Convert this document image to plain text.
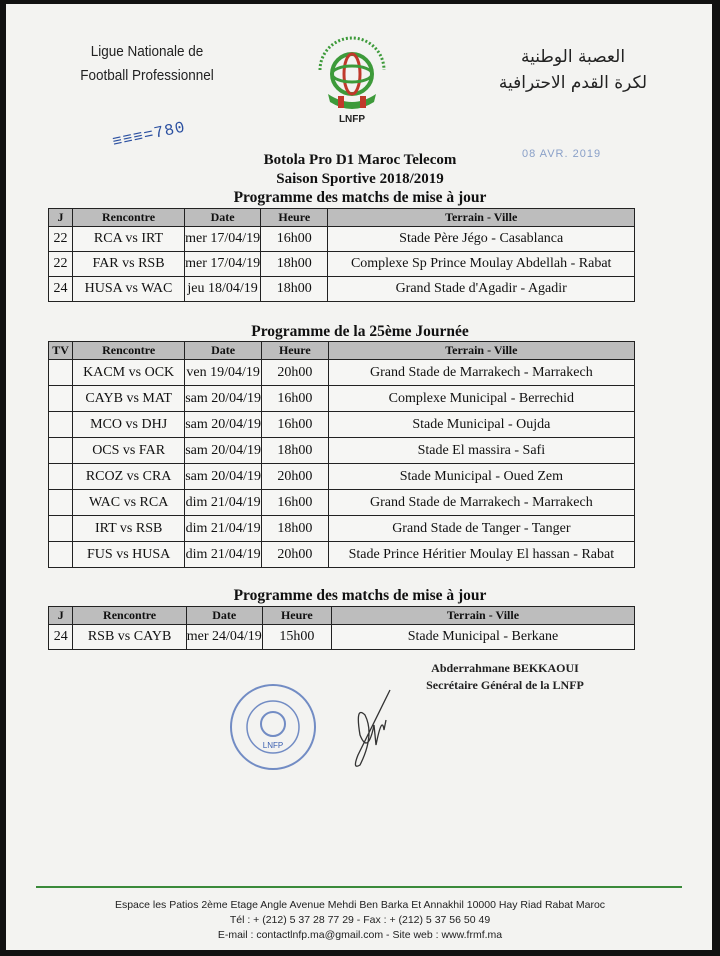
Ligue Nationale de
Football Professionnel
LNFP
العصبة الوطنية
لكرة القدم الاحترافية
≡≡≡=780
08 AVR. 2019
Botola Pro D1 Maroc Telecom
Saison Sportive 2018/2019
Programme des matchs de mise à jour
J	Rencontre	Date	Heure	Terrain - Ville
22	RCA vs IRT	mer 17/04/19	16h00	Stade Père Jégo - Casablanca
22	FAR vs RSB	mer 17/04/19	18h00	Complexe Sp Prince Moulay Abdellah - Rabat
24	HUSA vs WAC	jeu 18/04/19	18h00	Grand Stade d'Agadir - Agadir
Programme de la 25ème Journée
TV	Rencontre	Date	Heure	Terrain - Ville
	KACM vs OCK	ven 19/04/19	20h00	Grand Stade de Marrakech - Marrakech
	CAYB vs MAT	sam 20/04/19	16h00	Complexe Municipal - Berrechid
	MCO vs DHJ	sam 20/04/19	16h00	Stade Municipal - Oujda
	OCS vs FAR	sam 20/04/19	18h00	Stade El massira - Safi
	RCOZ vs CRA	sam 20/04/19	20h00	Stade Municipal - Oued Zem
	WAC vs RCA	dim 21/04/19	16h00	Grand Stade de Marrakech - Marrakech
	IRT vs RSB	dim 21/04/19	18h00	Grand Stade de Tanger - Tanger
	FUS vs HUSA	dim 21/04/19	20h00	Stade Prince Héritier Moulay El hassan - Rabat
Programme des matchs de mise à jour
J	Rencontre	Date	Heure	Terrain - Ville
24	RSB vs CAYB	mer 24/04/19	15h00	Stade Municipal - Berkane
Abderrahmane BEKKAOUI
Secrétaire Général de la LNFP
LNFP
Espace les Patios 2ème Etage Angle Avenue Mehdi Ben Barka Et Annakhil 10000 Hay Riad Rabat Maroc
Tél : + (212) 5 37 28 77 29 - Fax : + (212) 5 37 56 50 49
E-mail : contactlnfp.ma@gmail.com - Site web : www.frmf.ma
